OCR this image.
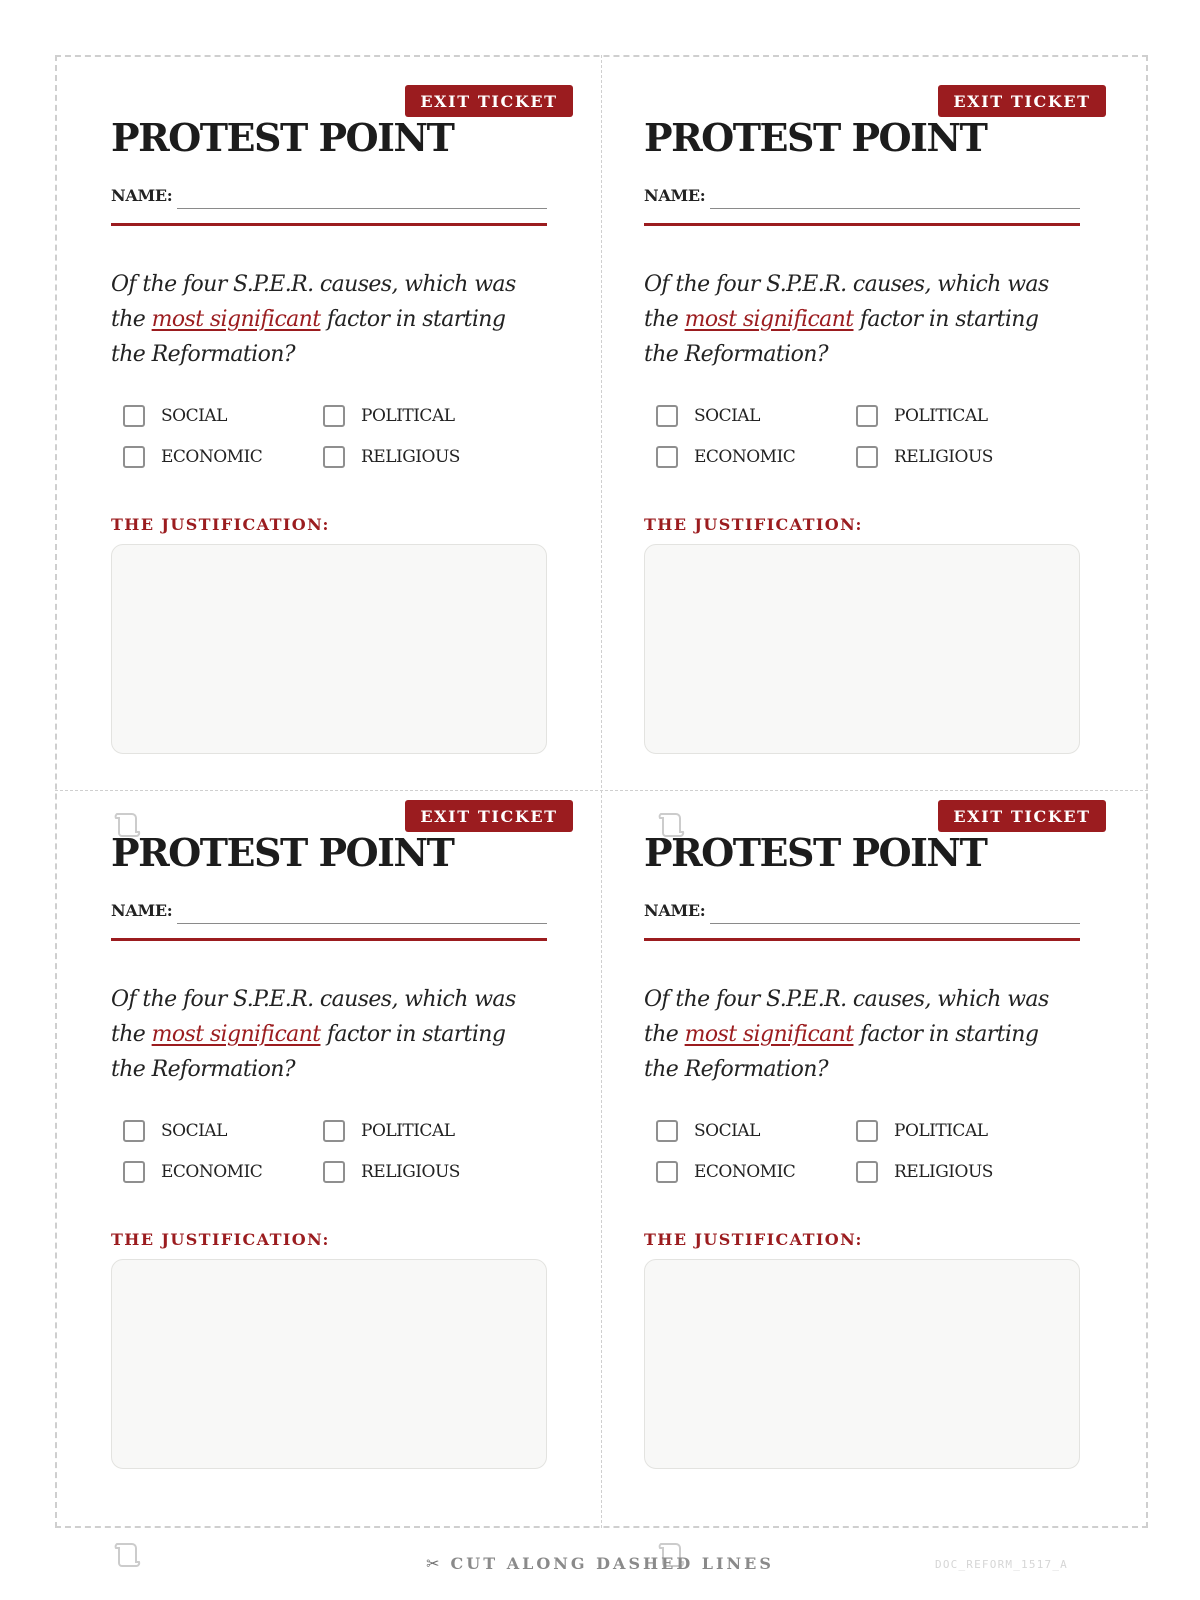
EXIT TICKET
PROTEST POINT
NAME:

Of the four S.P.E.R. causes, which was the most significant factor in starting the Reformation?

SOCIAL	POLITICAL
ECONOMIC	RELIGIOUS
THE JUSTIFICATION:
EXIT TICKET
PROTEST POINT
NAME:

Of the four S.P.E.R. causes, which was the most significant factor in starting the Reformation?

SOCIAL	POLITICAL
ECONOMIC	RELIGIOUS
THE JUSTIFICATION:
EXIT TICKET
PROTEST POINT
NAME:

Of the four S.P.E.R. causes, which was the most significant factor in starting the Reformation?

SOCIAL	POLITICAL
ECONOMIC	RELIGIOUS
THE JUSTIFICATION:
EXIT TICKET
PROTEST POINT
NAME:

Of the four S.P.E.R. causes, which was the most significant factor in starting the Reformation?

SOCIAL	POLITICAL
ECONOMIC	RELIGIOUS
THE JUSTIFICATION:
DOC_REFORM_1517_A
✂ CUT ALONG DASHED LINES
